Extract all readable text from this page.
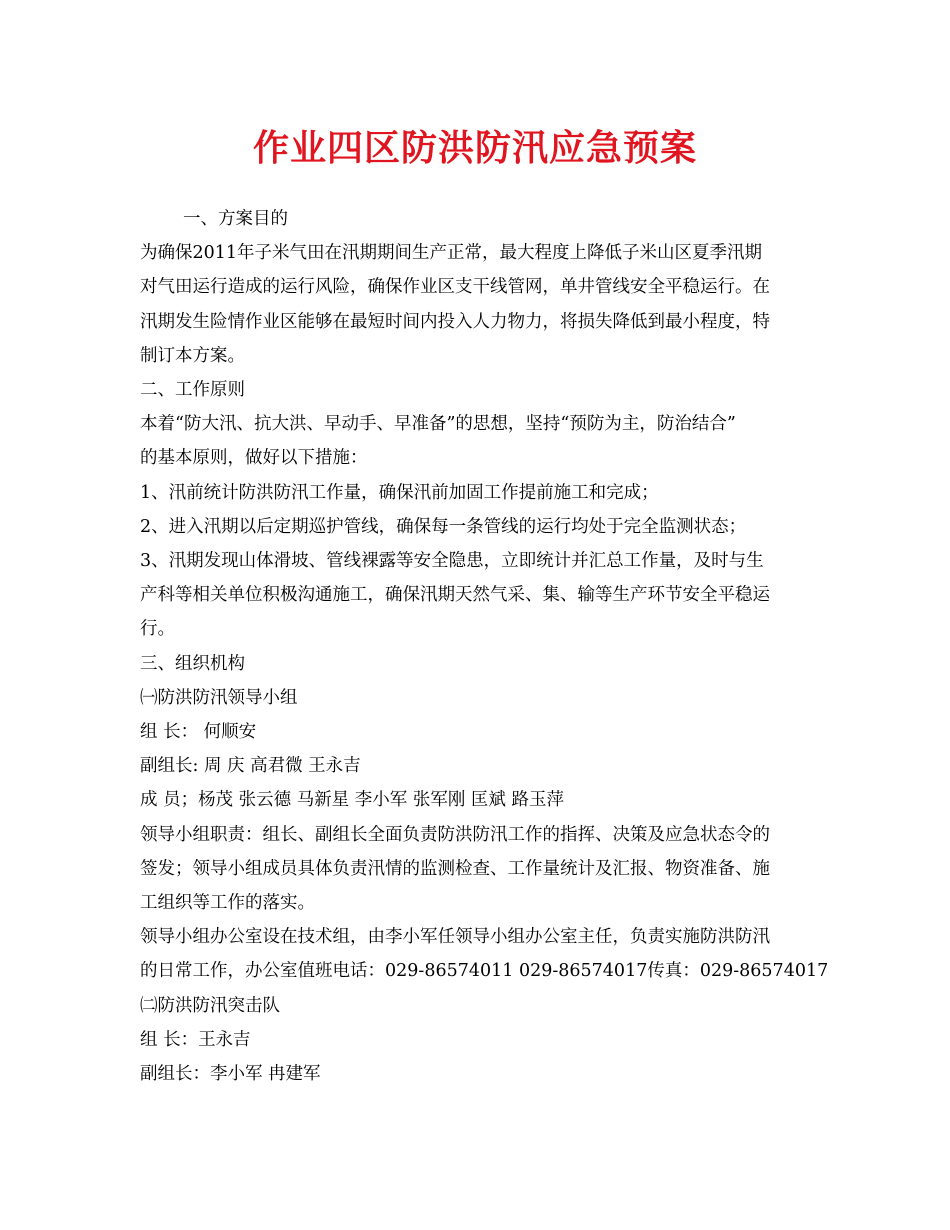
作业四区防洪防汛应急预案

一、方案目的

为确保2011年子米气田在汛期期间生产正常，最大程度上降低子米山区夏季汛期

对气田运行造成的运行风险，确保作业区支干线管网，单井管线安全平稳运行。在

汛期发生险情作业区能够在最短时间内投入人力物力，将损失降低到最小程度，特

制订本方案。

二、工作原则

本着“防大汛、抗大洪、早动手、早准备”的思想，坚持“预防为主，防治结合”

的基本原则，做好以下措施：

1、汛前统计防洪防汛工作量，确保汛前加固工作提前施工和完成；

2、进入汛期以后定期巡护管线，确保每一条管线的运行均处于完全监测状态；

3、汛期发现山体滑坡、管线裸露等安全隐患，立即统计并汇总工作量，及时与生

产科等相关单位积极沟通施工，确保汛期天然气采、集、输等生产环节安全平稳运

行。

三、组织机构

㈠防洪防汛领导小组

组 长： 何顺安

副组长: 周 庆 高君微 王永吉

成 员；杨茂 张云德 马新星 李小军 张军刚 匡斌 路玉萍

领导小组职责：组长、副组长全面负责防洪防汛工作的指挥、决策及应急状态令的

签发；领导小组成员具体负责汛情的监测检查、工作量统计及汇报、物资准备、施

工组织等工作的落实。

领导小组办公室设在技术组，由李小军任领导小组办公室主任，负责实施防洪防汛

的日常工作，办公室值班电话：029-86574011 029-86574017传真：029-86574017

㈡防洪防汛突击队

组 长：王永吉

副组长：李小军 冉建军
